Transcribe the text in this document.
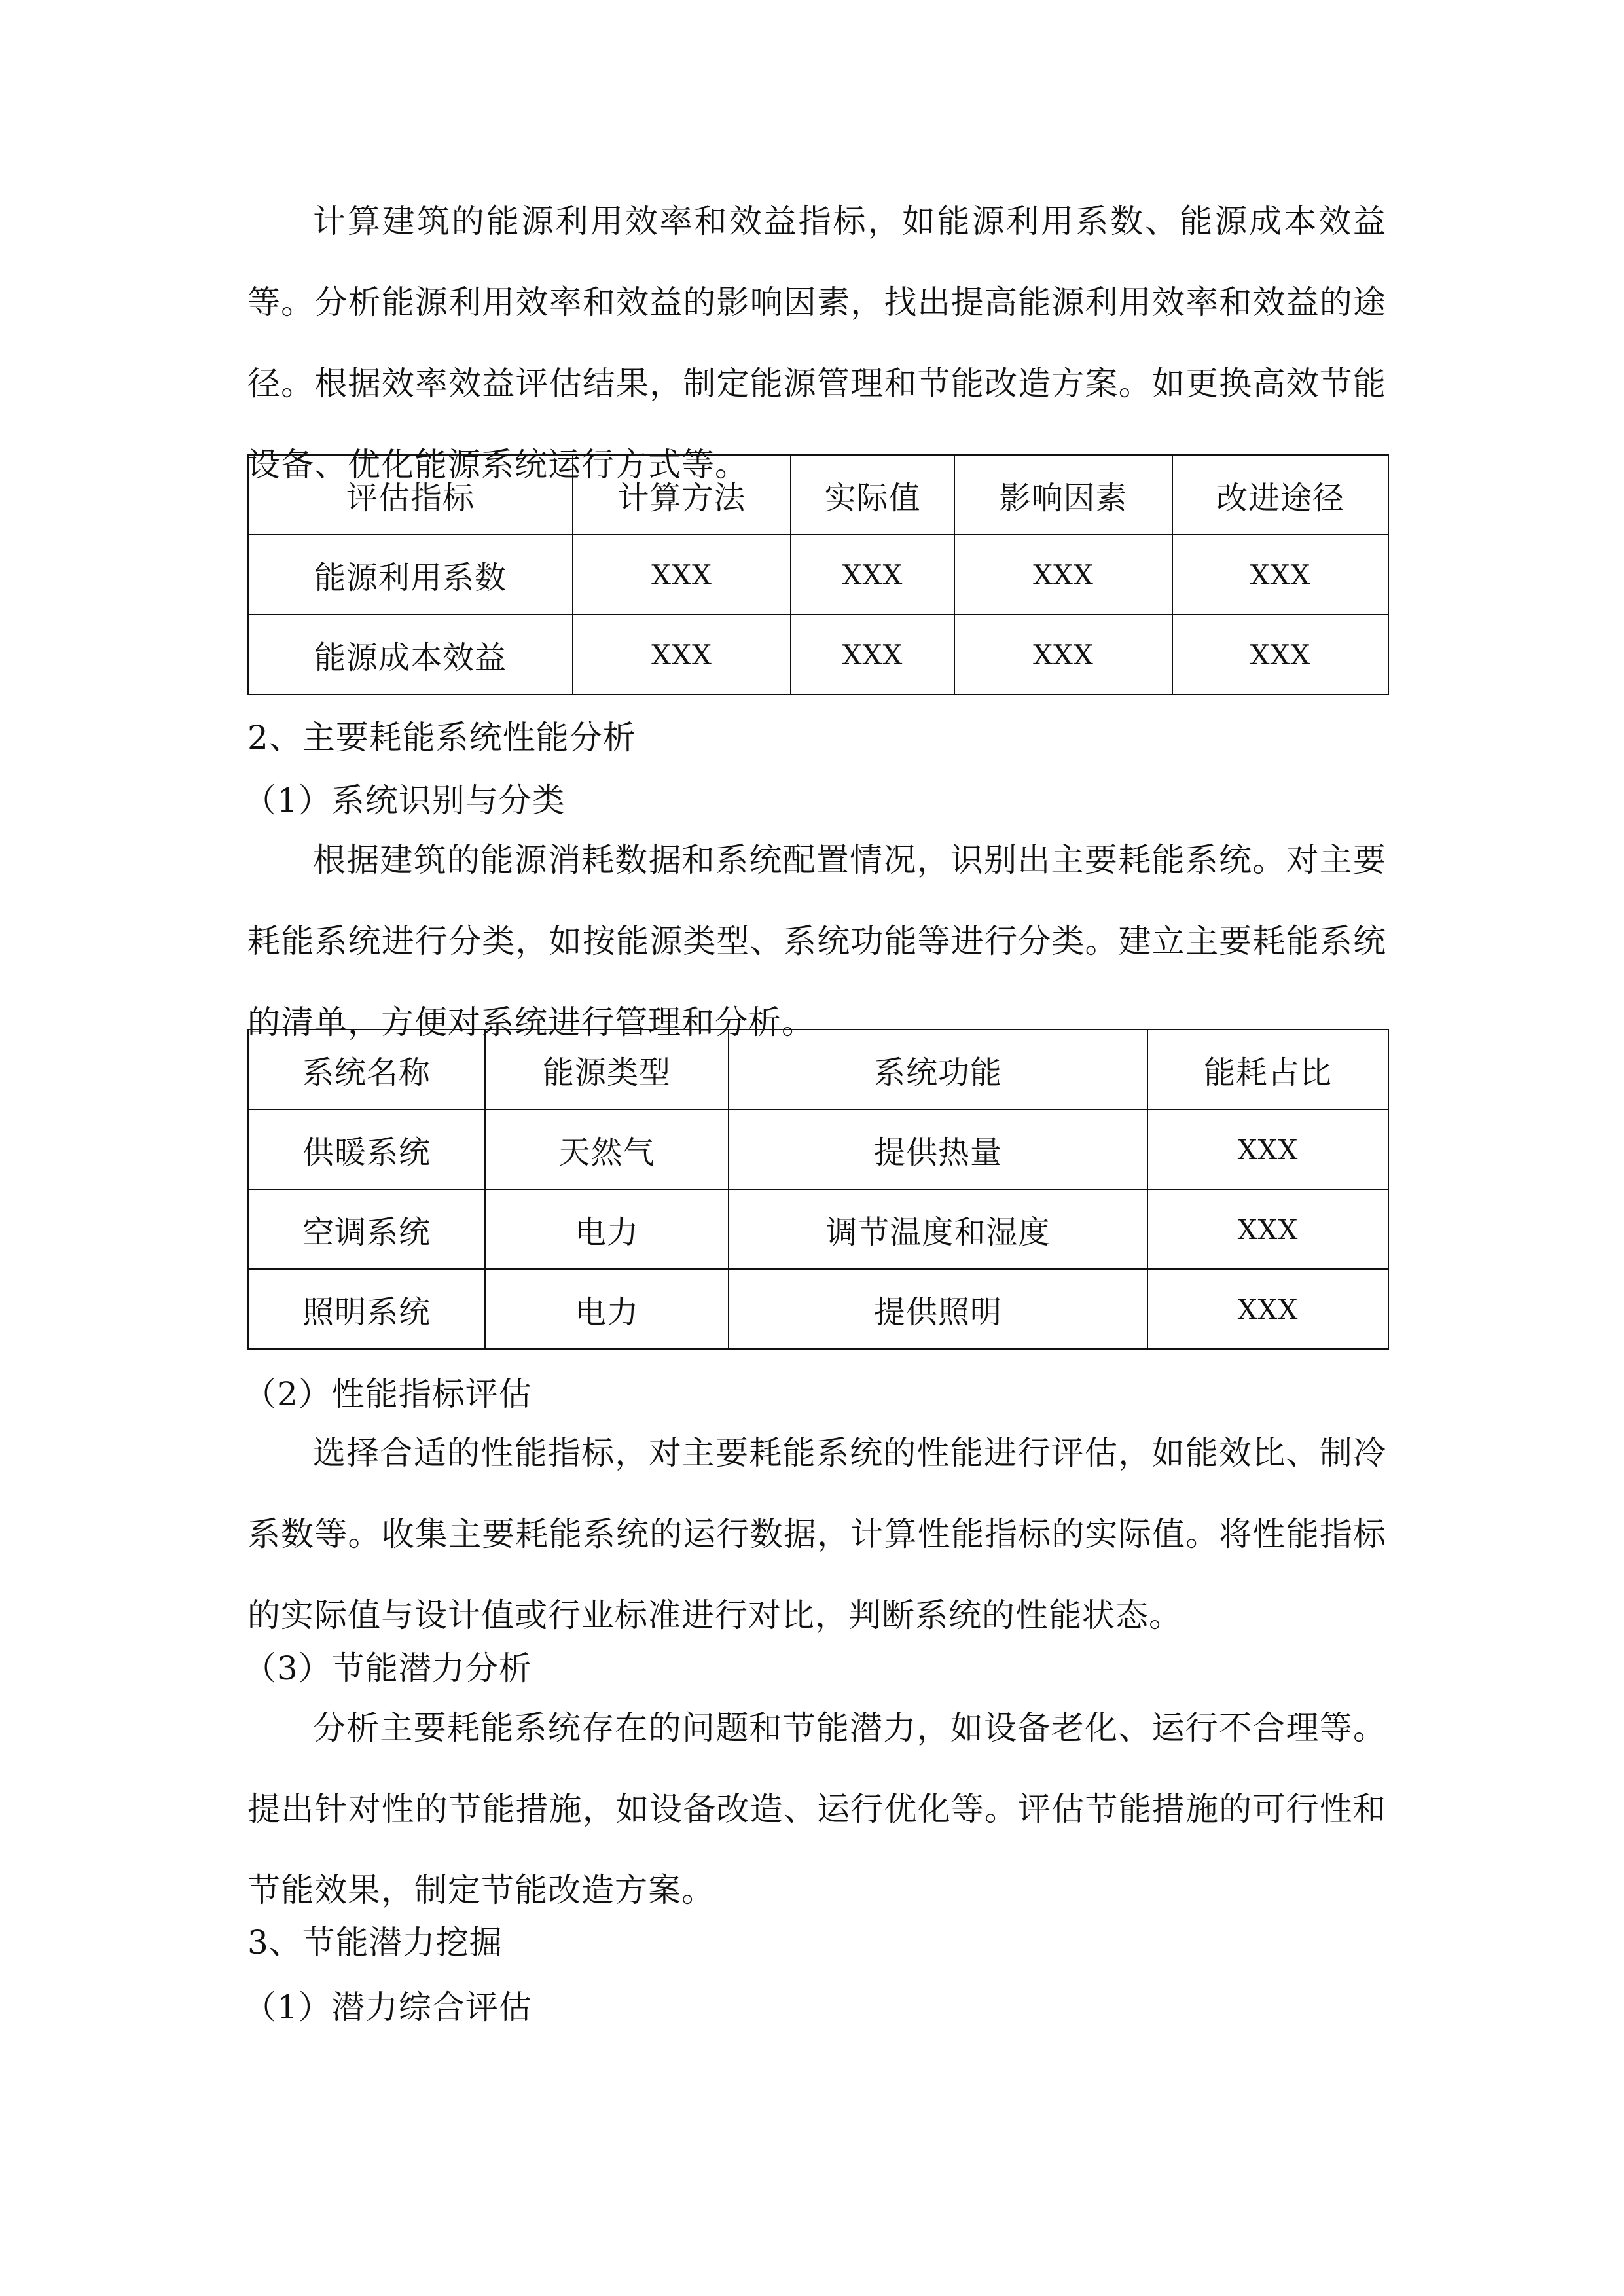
计算建筑的能源利用效率和效益指标，如能源利用系数、能源成本效益等。分析能源利用效率和效益的影响因素，找出提高能源利用效率和效益的途径。根据效率效益评估结果，制定能源管理和节能改造方案。如更换高效节能设备、优化能源系统运行方式等。

评估指标	计算方法	实际值	影响因素	改进途径
能源利用系数	XXX	XXX	XXX	XXX
能源成本效益	XXX	XXX	XXX	XXX
2、主要耗能系统性能分析
（1）系统识别与分类

根据建筑的能源消耗数据和系统配置情况，识别出主要耗能系统。对主要耗能系统进行分类，如按能源类型、系统功能等进行分类。建立主要耗能系统的清单，方便对系统进行管理和分析。

系统名称	能源类型	系统功能	能耗占比
供暖系统	天然气	提供热量	XXX
空调系统	电力	调节温度和湿度	XXX
照明系统	电力	提供照明	XXX
（2）性能指标评估

选择合适的性能指标，对主要耗能系统的性能进行评估，如能效比、制冷系数等。收集主要耗能系统的运行数据，计算性能指标的实际值。将性能指标的实际值与设计值或行业标准进行对比，判断系统的性能状态。

（3）节能潜力分析

分析主要耗能系统存在的问题和节能潜力，如设备老化、运行不合理等。提出针对性的节能措施，如设备改造、运行优化等。评估节能措施的可行性和节能效果，制定节能改造方案。

3、节能潜力挖掘
（1）潜力综合评估
